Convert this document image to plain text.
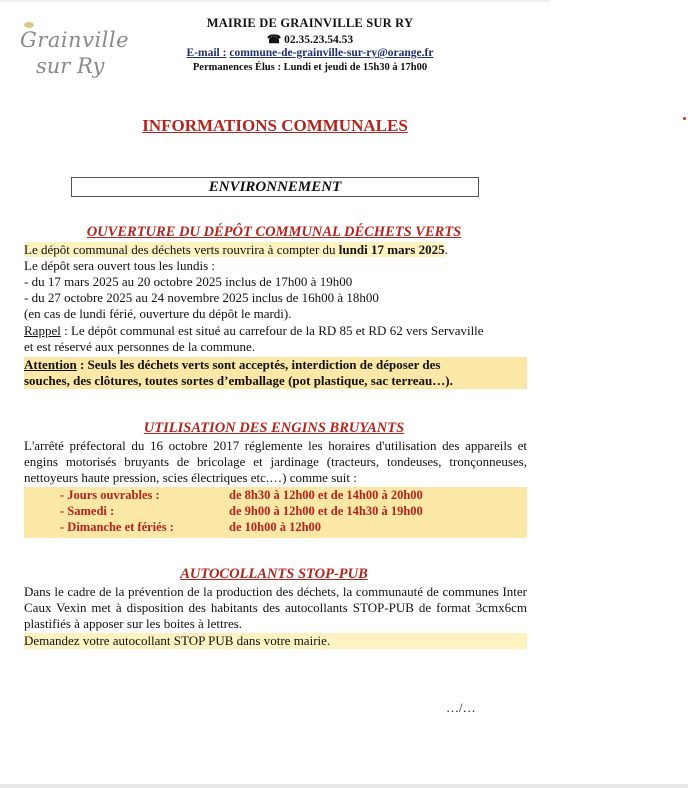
Grainville
sur Ry
MAIRIE DE GRAINVILLE SUR RY
☎ 02.35.23.54.53
E-mail : commune-de-grainville-sur-ry@orange.fr
Permanences Élus : Lundi et jeudi de 15h30 à 17h00
INFORMATIONS COMMUNALES
ENVIRONNEMENT
OUVERTURE DU DÉPÔT COMMUNAL DÉCHETS VERTS
Le dépôt communal des déchets verts rouvrira à compter du lundi 17 mars 2025.
Le dépôt sera ouvert tous les lundis :
- du 17 mars 2025 au 20 octobre 2025 inclus de 17h00 à 19h00
- du 27 octobre 2025 au 24 novembre 2025 inclus de 16h00 à 18h00
(en cas de lundi férié, ouverture du dépôt le mardi).
Rappel : Le dépôt communal est situé au carrefour de la RD 85 et RD 62 vers Servaville
et est réservé aux personnes de la commune.
Attention : Seuls les déchets verts sont acceptés, interdiction de déposer des
souches, des clôtures, toutes sortes d’emballage (pot plastique, sac terreau…).
UTILISATION DES ENGINS BRUYANTS
L'arrêté préfectoral du 16 octobre 2017 réglemente les horaires d'utilisation des appareils et engins motorisés bruyants de bricolage et jardinage (tracteurs, tondeuses, tronçonneuses, nettoyeurs haute pression, scies électriques etc.…) comme suit :
- Jours ouvrables :	de 8h30 à 12h00 et de 14h00 à 20h00
- Samedi :	de 9h00 à 12h00 et de 14h30 à 19h00
- Dimanche et fériés :	de 10h00 à 12h00
AUTOCOLLANTS STOP-PUB
Dans le cadre de la prévention de la production des déchets, la communauté de communes Inter Caux Vexin met à disposition des habitants des autocollants STOP-PUB de format 3cmx6cm plastifiés à apposer sur les boites à lettres.
Demandez votre autocollant STOP PUB dans votre mairie.
…/…
